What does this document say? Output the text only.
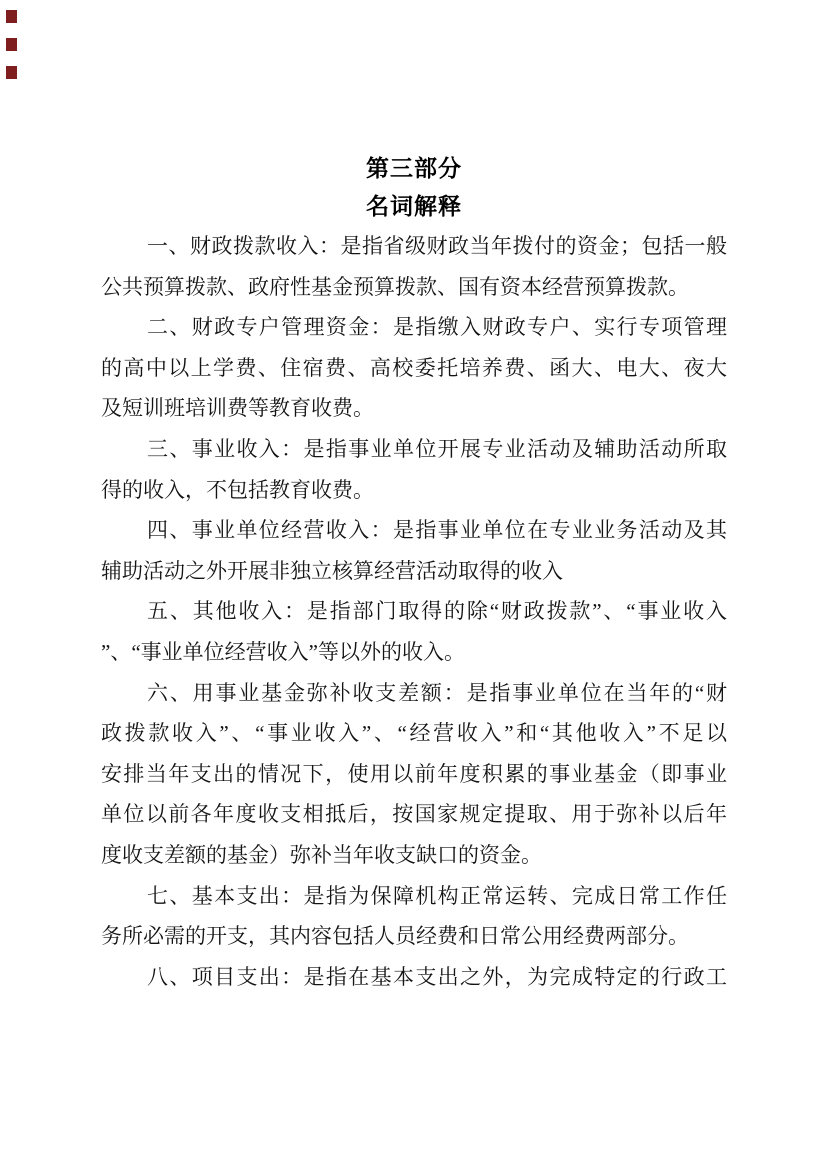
第三部分
名词解释
一、财政拨款收入：是指省级财政当年拨付的资金；包括一般
公共预算拨款、政府性基金预算拨款、国有资本经营预算拨款。
二、财政专户管理资金：是指缴入财政专户、实行专项管理
的高中以上学费、住宿费、高校委托培养费、函大、电大、夜大
及短训班培训费等教育收费。
三、事业收入：是指事业单位开展专业活动及辅助活动所取
得的收入，不包括教育收费。
四、事业单位经营收入：是指事业单位在专业业务活动及其
辅助活动之外开展非独立核算经营活动取得的收入
五、其他收入：是指部门取得的除“财政拨款”、“事业收入
”、“事业单位经营收入”等以外的收入。
六、用事业基金弥补收支差额：是指事业单位在当年的“财
政拨款收入”、“事业收入”、“经营收入”和“其他收入”不足以
安排当年支出的情况下，使用以前年度积累的事业基金（即事业
单位以前各年度收支相抵后，按国家规定提取、用于弥补以后年
度收支差额的基金）弥补当年收支缺口的资金。
七、基本支出：是指为保障机构正常运转、完成日常工作任
务所必需的开支，其内容包括人员经费和日常公用经费两部分。
八、项目支出：是指在基本支出之外，为完成特定的行政工
